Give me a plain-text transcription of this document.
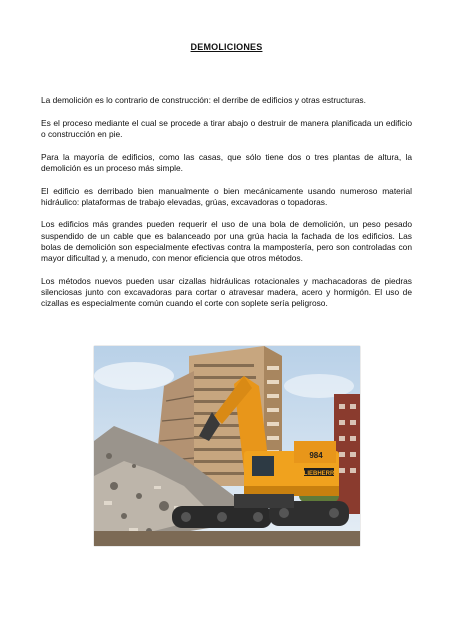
DEMOLICIONES

La demolición es lo contrario de construcción: el derribe de edificios y otras estructuras.

Es el proceso mediante el cual se procede a tirar abajo o destruir de manera planificada un edificio o construcción en pie.

Para la mayoría de edificios, como las casas, que sólo tiene dos o tres plantas de altura, la demolición es un proceso más simple.

El edificio es derribado bien manualmente o bien mecánicamente usando numeroso material hidráulico: plataformas de trabajo elevadas, grúas, excavadoras o topadoras.

Los edificios más grandes pueden requerir el uso de una bola de demolición, un peso pesado suspendido de un cable que es balanceado por una grúa hacia la fachada de los edificios. Las bolas de demolición son especialmente efectivas contra la mampostería, pero son controladas con mayor dificultad y, a menudo, con menor eficiencia que otros métodos.

Los métodos nuevos pueden usar cizallas hidráulicas rotacionales y machacadoras de piedras silenciosas junto con excavadoras para cortar o atravesar madera, acero y hormigón. El uso de cizallas es especialmente común cuando el corte con soplete sería peligroso.

LIEBHERR
984
